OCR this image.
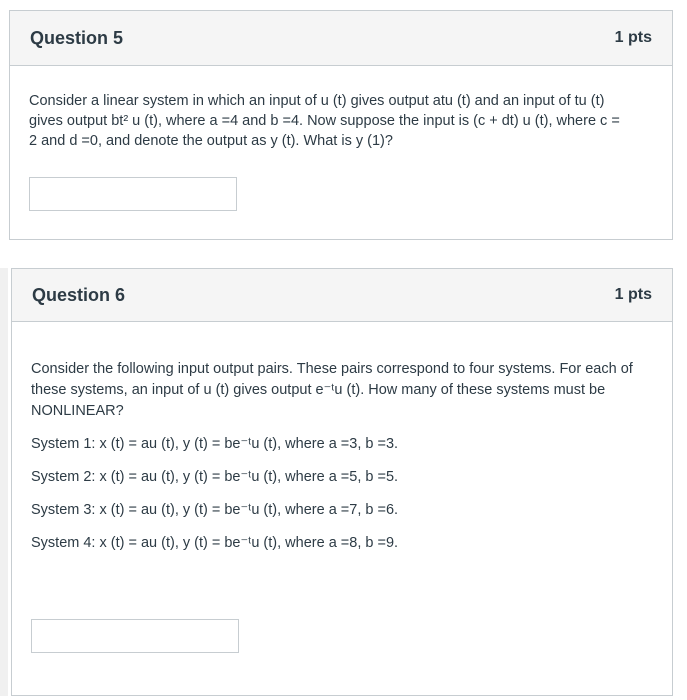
Question 5	1 pts
Consider a linear system in which an input of u (t) gives output atu (t) and an input of tu (t)
gives output bt² u (t), where a =4 and b =4. Now suppose the input is (c + dt) u (t), where c =
2 and d =0, and denote the output as y (t). What is y (1)?
Question 6	1 pts
Consider the following input output pairs. These pairs correspond to four systems. For each of
these systems, an input of u (t) gives output e⁻ᵗu (t). How many of these systems must be
NONLINEAR?
System 1: x (t) = au (t), y (t) = be⁻ᵗu (t), where a =3, b =3.
System 2: x (t) = au (t), y (t) = be⁻ᵗu (t), where a =5, b =5.
System 3: x (t) = au (t), y (t) = be⁻ᵗu (t), where a =7, b =6.
System 4: x (t) = au (t), y (t) = be⁻ᵗu (t), where a =8, b =9.
